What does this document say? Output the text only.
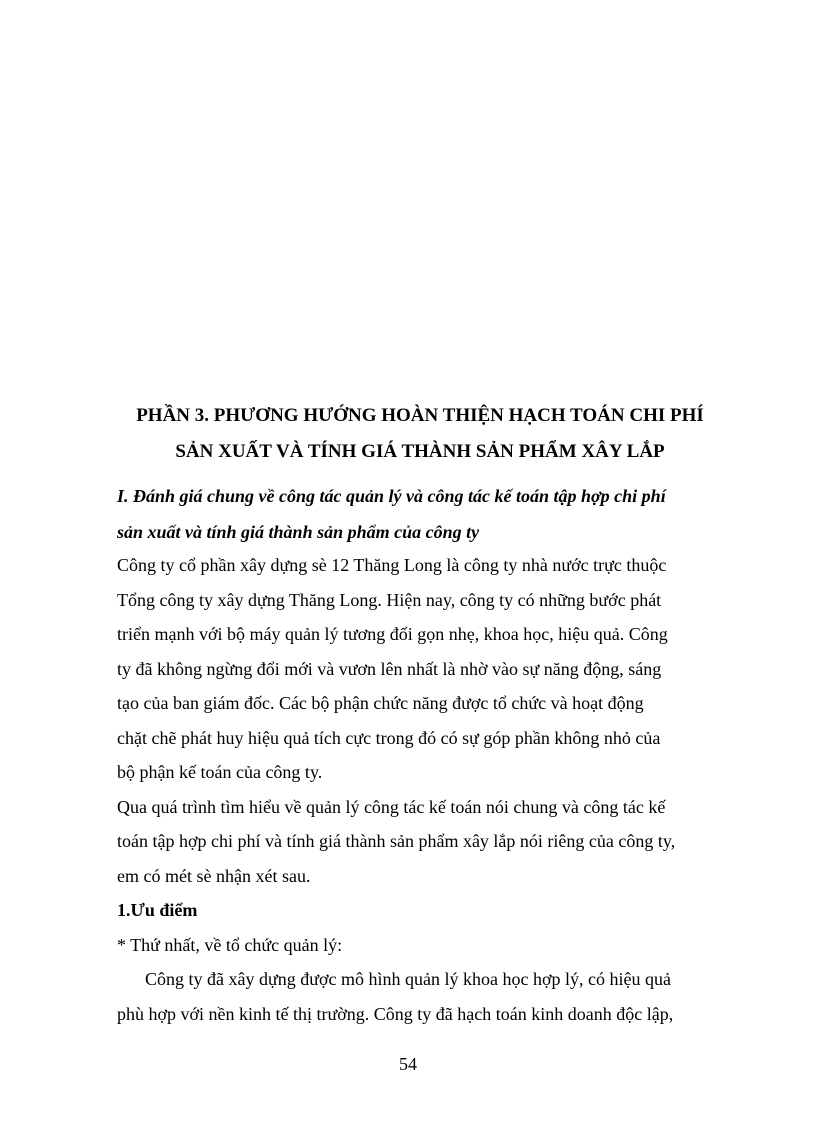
PHẦN 3. PHƯƠNG HƯỚNG HOÀN THIỆN HẠCH TOÁN CHI PHÍ
SẢN XUẤT VÀ TÍNH GIÁ THÀNH SẢN PHẨM XÂY LẮP
I. Đánh giá chung về công tác quản lý và công tác kế toán tập hợp chi phí
sản xuất và tính giá thành sản phẩm của công ty

Công ty cổ phần xây dựng sè 12 Thăng Long là công ty nhà nước trực thuộc
Tổng công ty xây dựng Thăng Long. Hiện nay, công ty có những bước phát
triển mạnh với bộ máy quản lý tương đối gọn nhẹ, khoa học, hiệu quả. Công
ty đã không ngừng đổi mới và vươn lên nhất là nhờ vào sự năng động, sáng
tạo của ban giám đốc. Các bộ phận chức năng được tổ chức và hoạt động
chặt chẽ phát huy hiệu quả tích cực trong đó có sự góp phần không nhỏ của
bộ phận kế toán của công ty.

Qua quá trình tìm hiểu về quản lý công tác kế toán nói chung và công tác kế
toán tập hợp chi phí và tính giá thành sản phẩm xây lắp nói riêng của công ty,
em có mét sè nhận xét sau.

1.Ưu điểm

* Thứ nhất, về tổ chức quản lý:

Công ty đã xây dựng được mô hình quản lý khoa học hợp lý, có hiệu quả
phù hợp với nền kinh tế thị trường. Công ty đã hạch toán kinh doanh độc lập,

54
